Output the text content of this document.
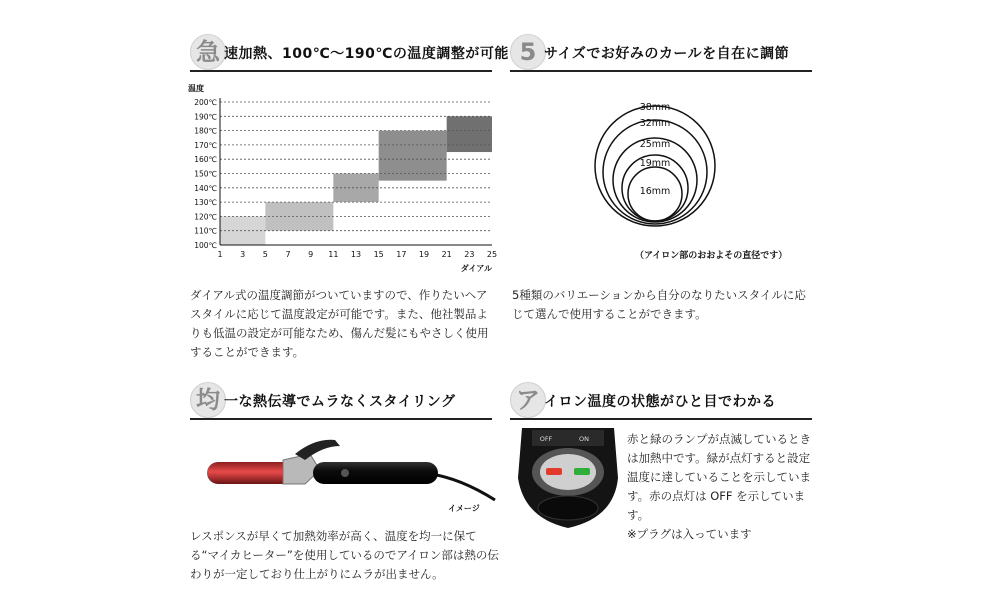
急 速加熱、100℃〜190℃の温度調整が可能
温度
100℃
110℃
120℃
130℃
140℃
150℃
160℃
170℃
180℃
190℃
200℃
1 3 5 7 9 11 13 15 17 19 21 23 25
ダイアル
ダイアル式の温度調節がついていますので、作りたいヘアスタイルに応じて温度設定が可能です。また、他社製品よりも低温の設定が可能なため、傷んだ髪にもやさしく使用することができます。
5 サイズでお好みのカールを自在に調節
38mm
32mm
25mm
19mm
16mm
（アイロン部のおおよその直径です）
5種類のバリエーションから自分のなりたいスタイルに応じて選んで使用することができます。
均 一な熱伝導でムラなくスタイリング
イメージ
レスポンスが早くて加熱効率が高く、温度を均一に保てる“マイカヒーター”を使用しているのでアイロン部は熱の伝わりが一定しており仕上がりにムラが出ません。
ア イロン温度の状態がひと目でわかる
OFF	ON	赤と緑のランプが点滅しているときは加熱中です。緑が点灯すると設定温度に達していることを示しています。赤の点灯は OFF を示しています。
※プラグは入っています
